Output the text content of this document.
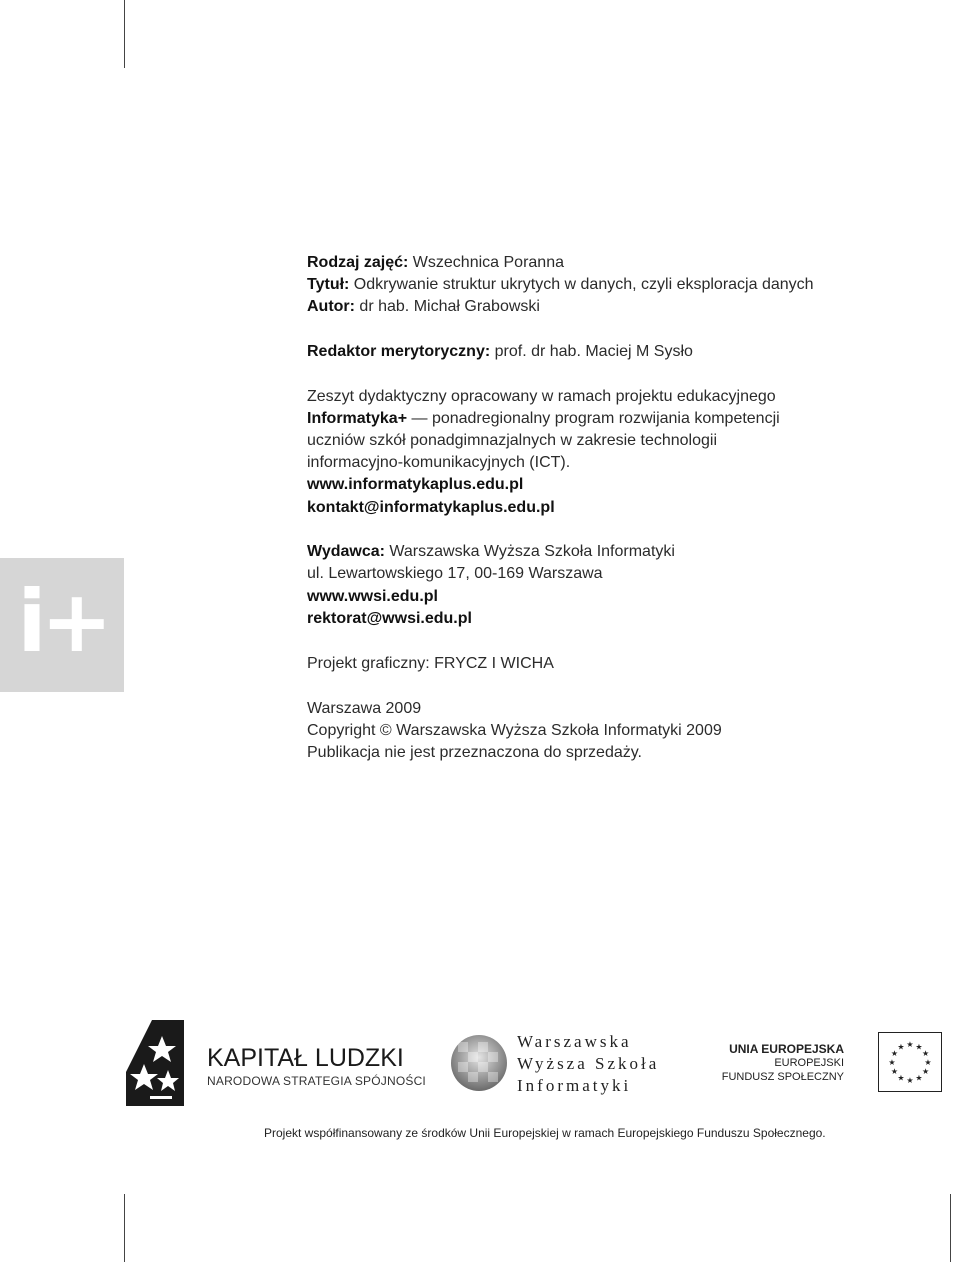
i+
Rodzaj zajęć: Wszechnica Poranna
Tytuł: Odkrywanie struktur ukrytych w danych, czyli eksploracja danych
Autor: dr hab. Michał Grabowski
Redaktor merytoryczny: prof. dr hab. Maciej M Sysło
Zeszyt dydaktyczny opracowany w ramach projektu edukacyjnego
Informatyka+ — ponadregionalny program rozwijania kompetencji
uczniów szkół ponadgimnazjalnych w zakresie technologii
informacyjno-komunikacyjnych (ICT).
www.informatykaplus.edu.pl
kontakt@informatykaplus.edu.pl
Wydawca: Warszawska Wyższa Szkoła Informatyki
ul. Lewartowskiego 17, 00-169 Warszawa
www.wwsi.edu.pl
rektorat@wwsi.edu.pl
Projekt graficzny: FRYCZ I WICHA
Warszawa 2009
Copyright © Warszawska Wyższa Szkoła Informatyki 2009
Publikacja nie jest przeznaczona do sprzedaży.
KAPITAŁ LUDZKI
NARODOWA STRATEGIA SPÓJNOŚCI
Warszawska
Wyższa Szkoła
Informatyki
UNIA EUROPEJSKA
EUROPEJSKI
FUNDUSZ SPOŁECZNY
★ ★
★
★
★
★
★
★
★
★
★
★
Projekt współfinansowany ze środków Unii Europejskiej w ramach Europejskiego Funduszu Społecznego.
